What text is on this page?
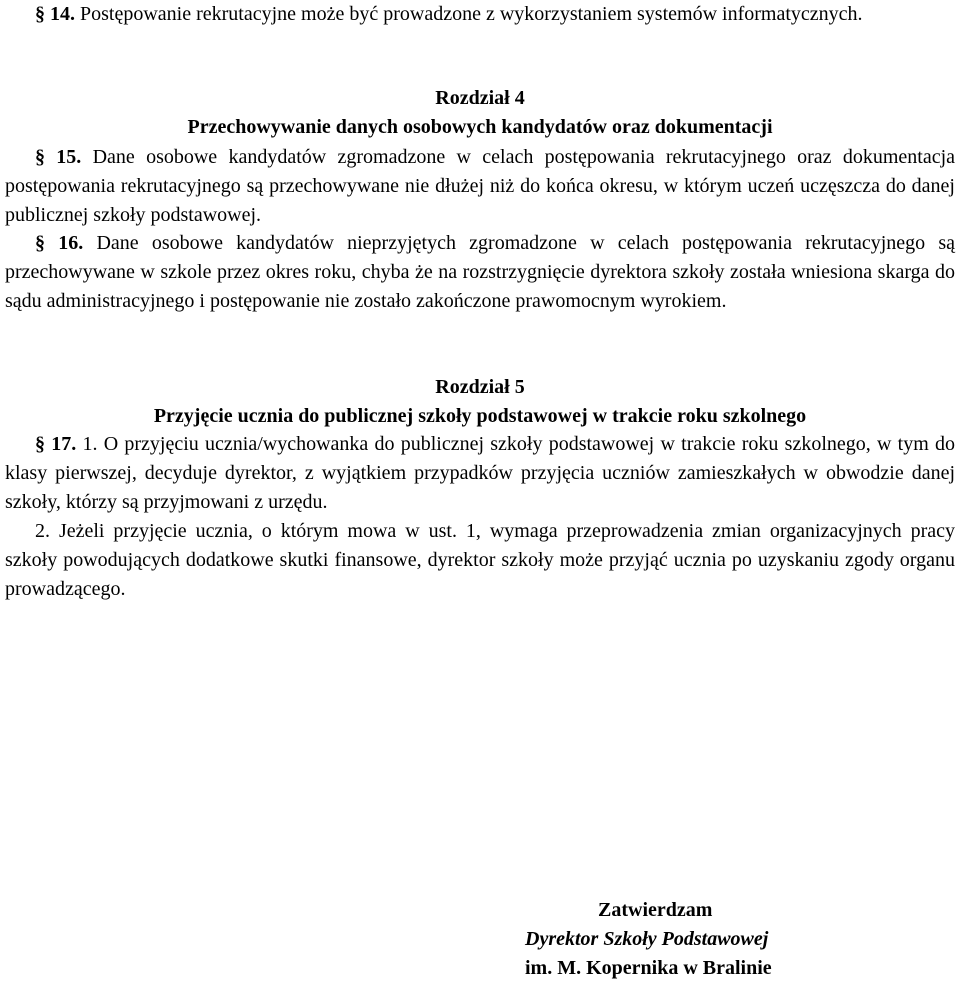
§ 14. Postępowanie rekrutacyjne może być prowadzone z wykorzystaniem systemów informatycznych.

Rozdział 4

Przechowywanie danych osobowych kandydatów oraz dokumentacji

§ 15. Dane osobowe kandydatów zgromadzone w celach postępowania rekrutacyjnego oraz dokumentacja postępowania rekrutacyjnego są przechowywane nie dłużej niż do końca okresu, w którym uczeń uczęszcza do danej publicznej szkoły podstawowej.

§ 16. Dane osobowe kandydatów nieprzyjętych zgromadzone w celach postępowania rekrutacyjnego są przechowywane w szkole przez okres roku, chyba że na rozstrzygnięcie dyrektora szkoły została wniesiona skarga do sądu administracyjnego i postępowanie nie zostało zakończone prawomocnym wyrokiem.

Rozdział 5

Przyjęcie ucznia do publicznej szkoły podstawowej w trakcie roku szkolnego

§ 17. 1. O przyjęciu ucznia/wychowanka do publicznej szkoły podstawowej w trakcie roku szkolnego, w tym do klasy pierwszej, decyduje dyrektor, z wyjątkiem przypadków przyjęcia uczniów zamieszkałych w obwodzie danej szkoły, którzy są przyjmowani z urzędu.

2. Jeżeli przyjęcie ucznia, o którym mowa w ust. 1, wymaga przeprowadzenia zmian organizacyjnych pracy szkoły powodujących dodatkowe skutki finansowe, dyrektor szkoły może przyjąć ucznia po uzyskaniu zgody organu prowadzącego.

Zatwierdzam
Dyrektor Szkoły Podstawowej
im. M. Kopernika w Bralinie
